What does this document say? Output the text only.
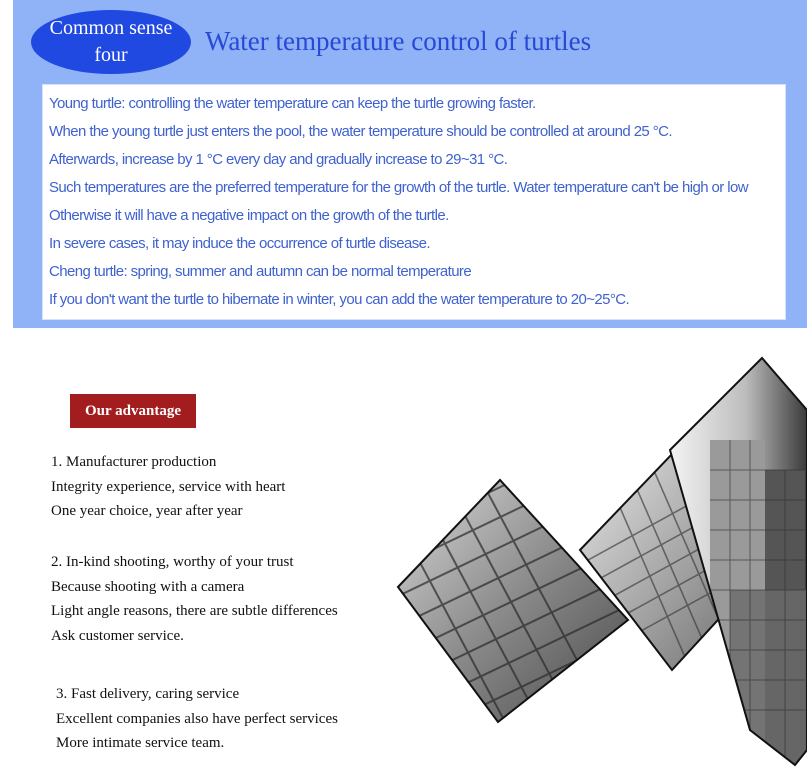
Common sense
four	Water temperature control of turtles
Young turtle: controlling the water temperature can keep the turtle growing faster.
When the young turtle just enters the pool, the water temperature should be controlled at around 25 °C.
Afterwards, increase by 1 °C every day and gradually increase to 29~31 °C.
Such temperatures are the preferred temperature for the growth of the turtle. Water temperature can't be high or low
Otherwise it will have a negative impact on the growth of the turtle.
In severe cases, it may induce the occurrence of turtle disease.
Cheng turtle: spring, summer and autumn can be normal temperature
If you don't want the turtle to hibernate in winter, you can add the water temperature to 20~25°C.
Our advantage
1. Manufacturer production
Integrity experience, service with heart
One year choice, year after year
2. In-kind shooting, worthy of your trust
Because shooting with a camera
Light angle reasons, there are subtle differences
Ask customer service.
3. Fast delivery, caring service
Excellent companies also have perfect services
More intimate service team.
